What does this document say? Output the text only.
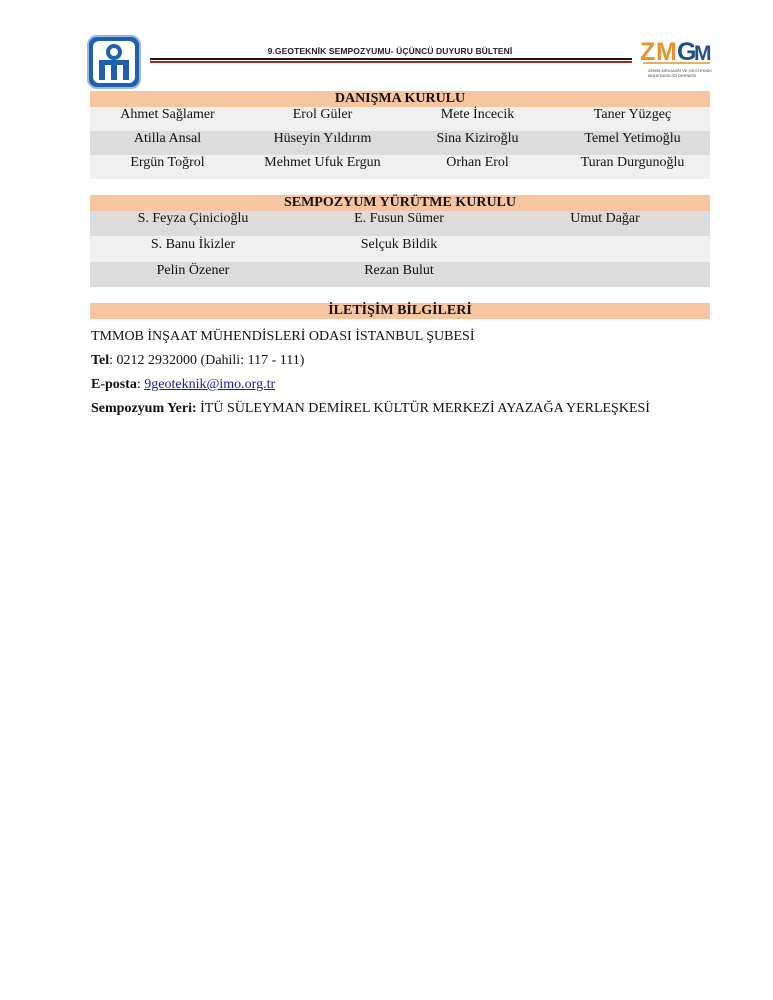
9.GEOTEKNİK SEMPOZYUMU- ÜÇÜNCÜ DUYURU BÜLTENİ	Z M G
M
ZEMİN MEKANİĞİ VE GEOTEKNİK MÜHENDİSLİĞİ DERNEĞİ
DANIŞMA KURULU
Ahmet Sağlamer	Erol Güler	Mete İncecik	Taner Yüzgeç
Atilla Ansal	Hüseyin Yıldırım	Sina Kiziroğlu	Temel Yetimoğlu
Ergün Toğrol	Mehmet Ufuk Ergun	Orhan Erol	Turan Durgunoğlu
SEMPOZYUM YÜRÜTME KURULU
S. Feyza Çinicioğlu	E. Fusun Sümer	Umut Dağar
S. Banu İkizler	Selçuk Bildik
Pelin Özener	Rezan Bulut
İLETİŞİM BİLGİLERİ
TMMOB İNŞAAT MÜHENDİSLERİ ODASI İSTANBUL ŞUBESİ
Tel: 0212 2932000 (Dahili: 117 - 111)
E-posta: 9geoteknik@imo.org.tr
Sempozyum Yeri: İTÜ SÜLEYMAN DEMİREL KÜLTÜR MERKEZİ AYAZAĞA YERLEŞKESİ
